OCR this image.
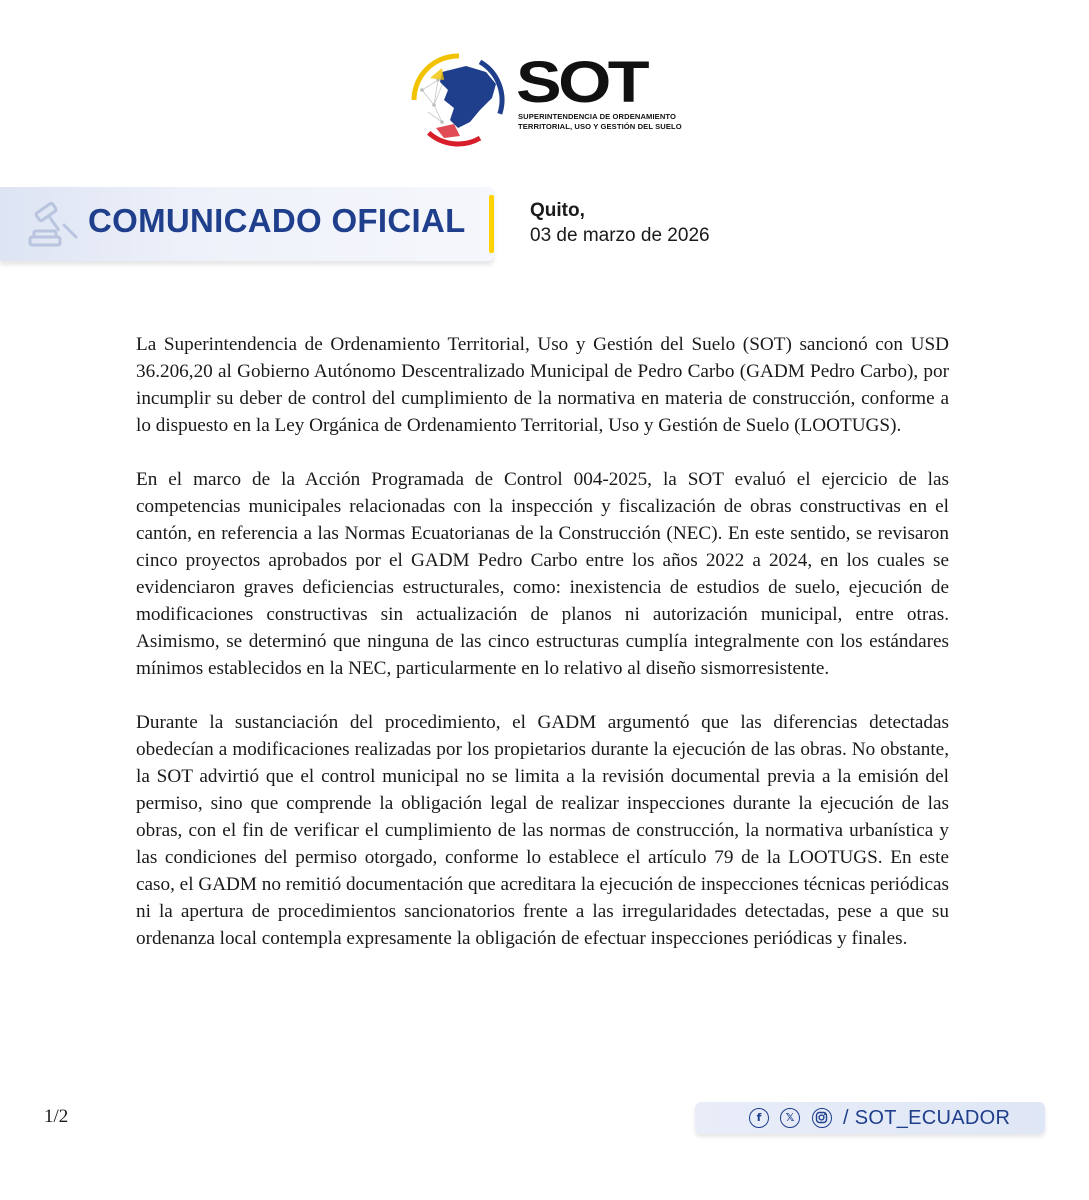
SOT
SUPERINTENDENCIA DE ORDENAMIENTO
TERRITORIAL, USO Y GESTIÓN DEL SUELO
COMUNICADO OFICIAL	Quito,
03 de marzo de 2026

La Superintendencia de Ordenamiento Territorial, Uso y Gestión del Suelo (SOT) sancionó con USD 36.206,20 al Gobierno Autónomo Descentralizado Municipal de Pedro Carbo (GADM Pedro Carbo), por incumplir su deber de control del cumplimiento de la normativa en materia de construcción, conforme a lo dispuesto en la Ley Orgánica de Ordenamiento Territorial, Uso y Gestión de Suelo (LOOTUGS).

En el marco de la Acción Programada de Control 004-2025, la SOT evaluó el ejercicio de las competencias municipales relacionadas con la inspección y fiscalización de obras constructivas en el cantón, en referencia a las Normas Ecuatorianas de la Construcción (NEC). En este sentido, se revisaron cinco proyectos aprobados por el GADM Pedro Carbo entre los años 2022 a 2024, en los cuales se evidenciaron graves deficiencias estructurales, como: inexistencia de estudios de suelo, ejecución de modificaciones constructivas sin actualización de planos ni autorización municipal, entre otras. Asimismo, se determinó que ninguna de las cinco estructuras cumplía integralmente con los estándares mínimos establecidos en la NEC, particularmente en lo relativo al diseño sismorresistente.

Durante la sustanciación del procedimiento, el GADM argumentó que las diferencias detectadas obedecían a modificaciones realizadas por los propietarios durante la ejecución de las obras. No obstante, la SOT advirtió que el control municipal no se limita a la revisión documental previa a la emisión del permiso, sino que comprende la obligación legal de realizar inspecciones durante la ejecución de las obras, con el fin de verificar el cumplimiento de las normas de construcción, la normativa urbanística y las condiciones del permiso otorgado, conforme lo establece el artículo 79 de la LOOTUGS. En este caso, el GADM no remitió documentación que acreditara la ejecución de inspecciones técnicas periódicas ni la apertura de procedimientos sancionatorios frente a las irregularidades detectadas, pese a que su ordenanza local contempla expresamente la obligación de efectuar inspecciones periódicas y finales.

1/2	f	𝕏 / SOT_ECUADOR
